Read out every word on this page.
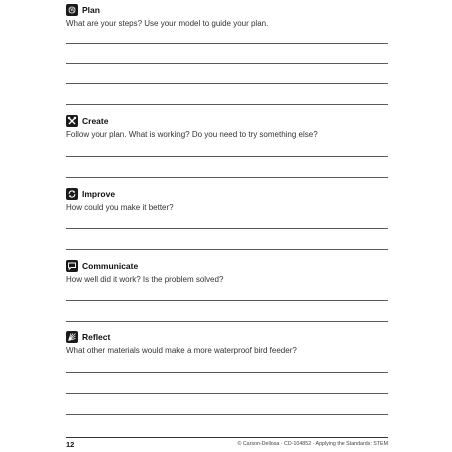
Plan
What are your steps? Use your model to guide your plan.
Create
Follow your plan. What is working? Do you need to try something else?
Improve
How could you make it better?
Communicate
How well did it work? Is the problem solved?
Reflect
What other materials would make a more waterproof bird feeder?
12	© Carson-Dellosa · CD-104852 · Applying the Standards: STEM
